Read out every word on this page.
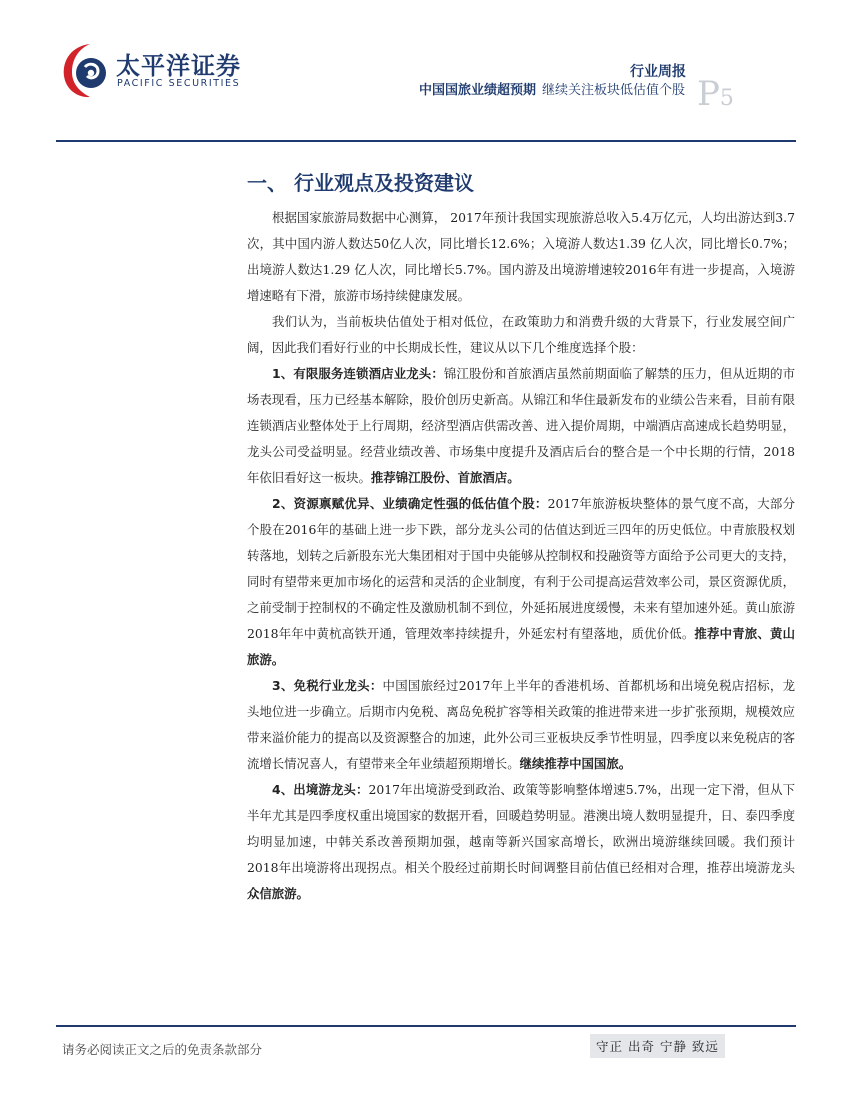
太平洋证券
PACIFIC SECURITIES
行业周报
中国国旅业绩超预期 继续关注板块低估值个股 P5
一、 行业观点及投资建议

根据国家旅游局数据中心测算， 2017年预计我国实现旅游总收入5.4万亿元，人均出游达到3.7次，其中国内游人数达50亿人次，同比增长12.6%；入境游人数达1.39 亿人次，同比增长0.7%；出境游人数达1.29 亿人次，同比增长5.7%。国内游及出境游增速较2016年有进一步提高，入境游增速略有下滑，旅游市场持续健康发展。

我们认为，当前板块估值处于相对低位，在政策助力和消费升级的大背景下，行业发展空间广阔，因此我们看好行业的中长期成长性，建议从以下几个维度选择个股：

1、有限服务连锁酒店业龙头：锦江股份和首旅酒店虽然前期面临了解禁的压力，但从近期的市场表现看，压力已经基本解除，股价创历史新高。从锦江和华住最新发布的业绩公告来看，目前有限连锁酒店业整体处于上行周期，经济型酒店供需改善、进入提价周期，中端酒店高速成长趋势明显，龙头公司受益明显。经营业绩改善、市场集中度提升及酒店后台的整合是一个中长期的行情，2018年依旧看好这一板块。推荐锦江股份、首旅酒店。

2、资源禀赋优异、业绩确定性强的低估值个股：2017年旅游板块整体的景气度不高，大部分个股在2016年的基础上进一步下跌，部分龙头公司的估值达到近三四年的历史低位。中青旅股权划转落地，划转之后新股东光大集团相对于国中央能够从控制权和投融资等方面给予公司更大的支持，同时有望带来更加市场化的运营和灵活的企业制度，有利于公司提高运营效率公司，景区资源优质，之前受制于控制权的不确定性及激励机制不到位，外延拓展进度缓慢，未来有望加速外延。黄山旅游2018年年中黄杭高铁开通，管理效率持续提升，外延宏村有望落地，质优价低。推荐中青旅、黄山旅游。

3、免税行业龙头：中国国旅经过2017年上半年的香港机场、首都机场和出境免税店招标，龙头地位进一步确立。后期市内免税、离岛免税扩容等相关政策的推进带来进一步扩张预期，规模效应带来溢价能力的提高以及资源整合的加速，此外公司三亚板块反季节性明显，四季度以来免税店的客流增长情况喜人，有望带来全年业绩超预期增长。继续推荐中国国旅。

4、出境游龙头：2017年出境游受到政治、政策等影响整体增速5.7%，出现一定下滑，但从下半年尤其是四季度权重出境国家的数据开看，回暖趋势明显。港澳出境人数明显提升，日、泰四季度均明显加速，中韩关系改善预期加强，越南等新兴国家高增长，欧洲出境游继续回暖。我们预计2018年出境游将出现拐点。相关个股经过前期长时间调整目前估值已经相对合理，推荐出境游龙头众信旅游。

请务必阅读正文之后的免责条款部分	守正 出奇 宁静 致远
